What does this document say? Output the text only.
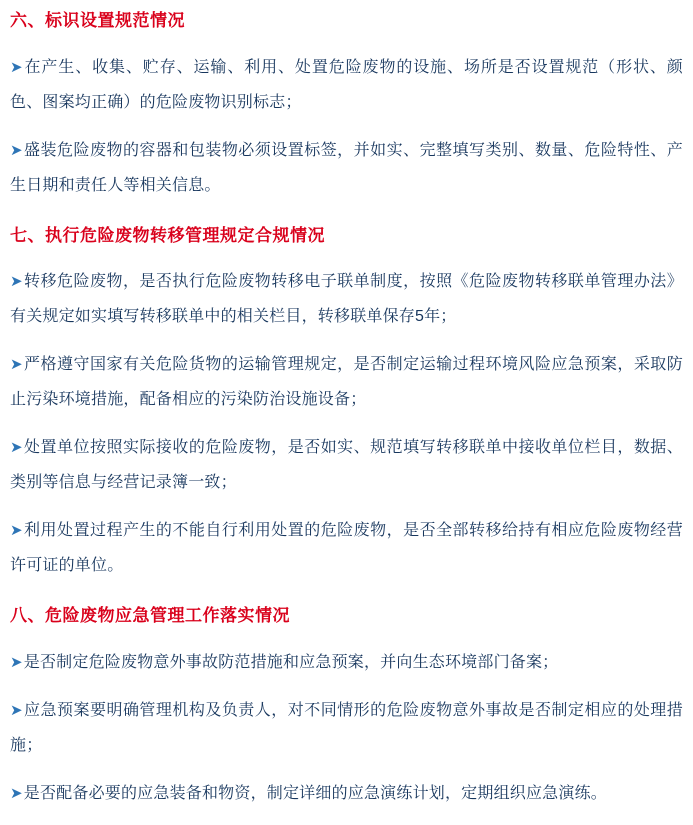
六、标识设置规范情况

➤在产生、收集、贮存、运输、利用、处置危险废物的设施、场所是否设置规范（形状、颜色、图案均正确）的危险废物识别标志；

➤盛装危险废物的容器和包装物必须设置标签，并如实、完整填写类别、数量、危险特性、产生日期和责任人等相关信息。

七、执行危险废物转移管理规定合规情况

➤转移危险废物，是否执行危险废物转移电子联单制度，按照《危险废物转移联单管理办法》有关规定如实填写转移联单中的相关栏目，转移联单保存5年；

➤严格遵守国家有关危险货物的运输管理规定，是否制定运输过程环境风险应急预案，采取防止污染环境措施，配备相应的污染防治设施设备；

➤处置单位按照实际接收的危险废物，是否如实、规范填写转移联单中接收单位栏目，数据、类别等信息与经营记录簿一致；

➤利用处置过程产生的不能自行利用处置的危险废物，是否全部转移给持有相应危险废物经营许可证的单位。

八、危险废物应急管理工作落实情况

➤是否制定危险废物意外事故防范措施和应急预案，并向生态环境部门备案；

➤应急预案要明确管理机构及负责人，对不同情形的危险废物意外事故是否制定相应的处理措施；

➤是否配备必要的应急装备和物资，制定详细的应急演练计划，定期组织应急演练。
